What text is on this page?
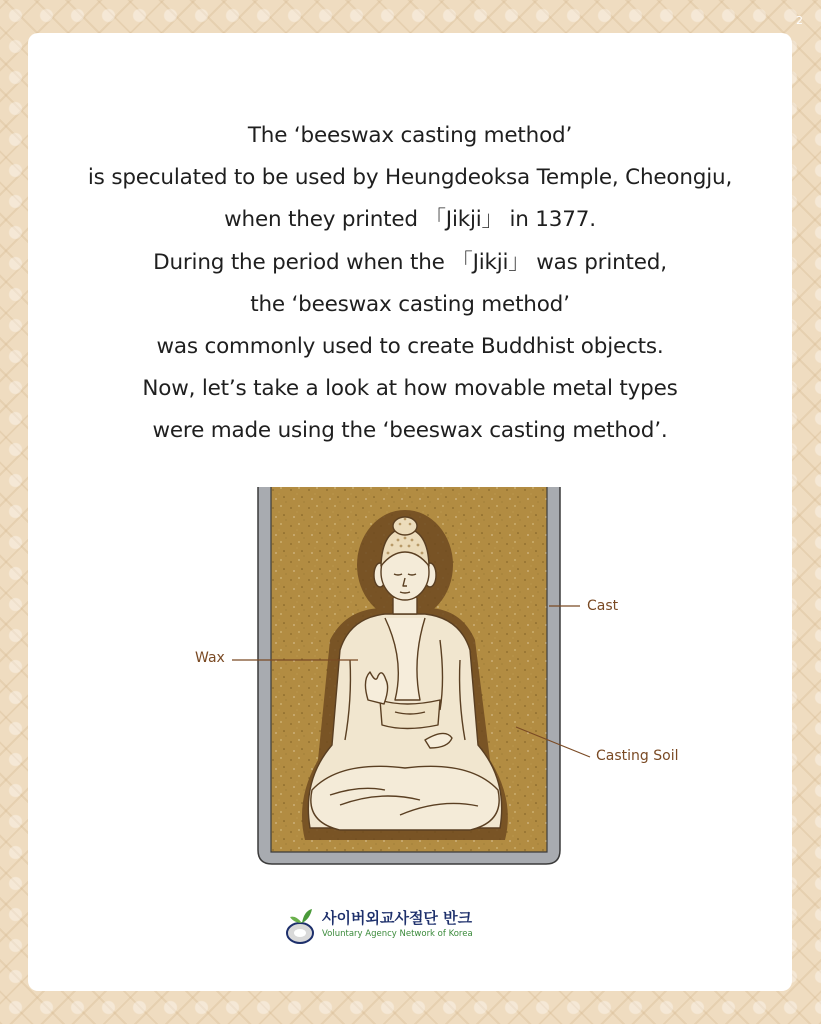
2
The ‘beeswax casting method’
is speculated to be used by Heungdeoksa Temple, Cheongju,
when they printed 「Jikji」 in 1377.
During the period when the 「Jikji」 was printed,
the ‘beeswax casting method’
was commonly used to create Buddhist objects.
Now, let’s take a look at how movable metal types
were made using the ‘beeswax casting method’.
Wax
Cast
Casting Soil
사이버외교사절단 반크
Voluntary Agency Network of Korea
